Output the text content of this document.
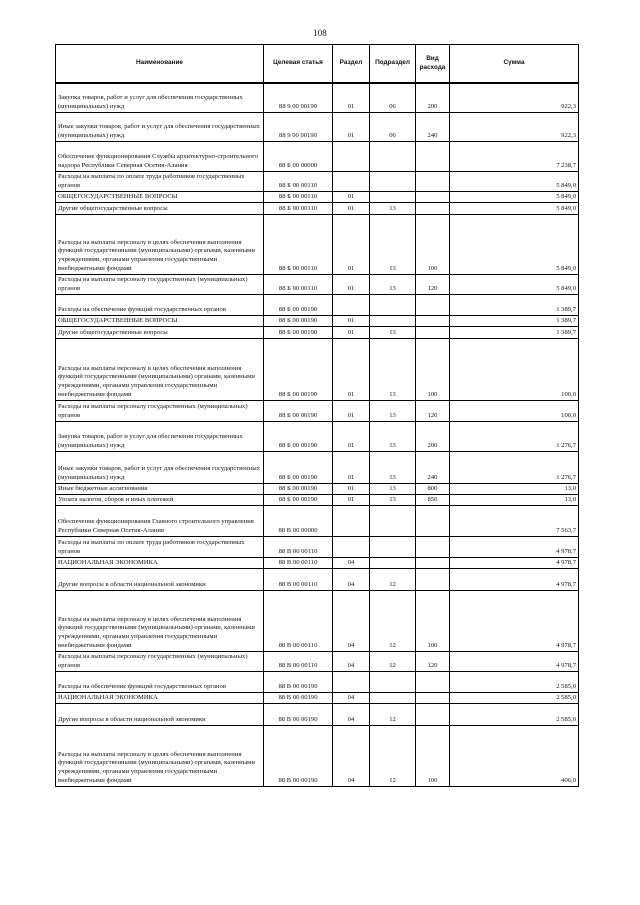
108
Наименование	Целевая статья	Раздел	Подраздел	Вид расхода	Сумма
Закупка товаров, работ и услуг для обеспечения государственных (муниципальных) нужд	88 9 00 00190	01	06	200	922,3
Иные закупки товаров, работ и услуг для обеспечения государственных (муниципальных) нужд	88 9 00 00190	01	06	240	922,3
Обеспечение функционирования Службы архитектурно-строительного надзора Республики Северная Осетия-Алания	88 Б 00 00000				7 238,7
Расходы на выплаты по оплате труда работников государственных органов	88 Б 00 00110				5 849,0
ОБЩЕГОСУДАРСТВЕННЫЕ ВОПРОСЫ	88 Б 00 00110	01			5 849,0
Другие общегосударственные вопросы	88 Б 00 00110	01	13		5 849,0
Расходы на выплаты персоналу в целях обеспечения выполнения функций государственными (муниципальными) органами, казенными учреждениями, органами управления государственными внебюджетными фондами	88 Б 00 00110	01	13	100	5 849,0
Расходы на выплаты персоналу государственных (муниципальных) органов	88 Б 00 00110	01	13	120	5 849,0
Расходы на обеспечение функций государственных органов	88 Б 00 00190				1 389,7
ОБЩЕГОСУДАРСТВЕННЫЕ ВОПРОСЫ	88 Б 00 00190	01			1 389,7
Другие общегосударственные вопросы	88 Б 00 00190	01	13		1 389,7
Расходы на выплаты персоналу в целях обеспечения выполнения функций государственными (муниципальными) органами, казенными учреждениями, органами управления государственными внебюджетными фондами	88 Б 00 00190	01	13	100	100,0
Расходы на выплаты персоналу государственных (муниципальных) органов	88 Б 00 00190	01	13	120	100,0
Закупка товаров, работ и услуг для обеспечения государственных (муниципальных) нужд	88 Б 00 00190	01	13	200	1 276,7
Иные закупки товаров, работ и услуг для обеспечения государственных (муниципальных) нужд	88 Б 00 00190	01	13	240	1 276,7
Иные бюджетные ассигнования	88 Б 00 00190	01	13	800	13,0
Уплата налогов, сборов и иных платежей	88 Б 00 00190	01	13	850	13,0
Обеспечение функционирования Главного строительного управления Республики Северная Осетия-Алания	88 В 00 00000				7 563,7
Расходы на выплаты по оплате труда работников государственных органов	88 В 00 00110				4 978,7
НАЦИОНАЛЬНАЯ ЭКОНОМИКА	88 В 00 00110	04			4 978,7
Другие вопросы в области национальной экономики	88 В 00 00110	04	12		4 978,7
Расходы на выплаты персоналу в целях обеспечения выполнения функций государственными (муниципальными) органами, казенными учреждениями, органами управления государственными внебюджетными фондами	88 В 00 00110	04	12	100	4 978,7
Расходы на выплаты персоналу государственных (муниципальных) органов	88 В 00 00110	04	12	120	4 978,7
Расходы на обеспечение функций государственных органов	88 В 00 00190				2 585,0
НАЦИОНАЛЬНАЯ ЭКОНОМИКА	88 В 00 00190	04			2 585,0
Другие вопросы в области национальной экономики	88 В 00 00190	04	12		2 585,0
Расходы на выплаты персоналу в целях обеспечения выполнения функций государственными (муниципальными) органами, казенными учреждениями, органами управления государственными внебюджетными фондами	88 В 00 00190	04	12	100	406,0
